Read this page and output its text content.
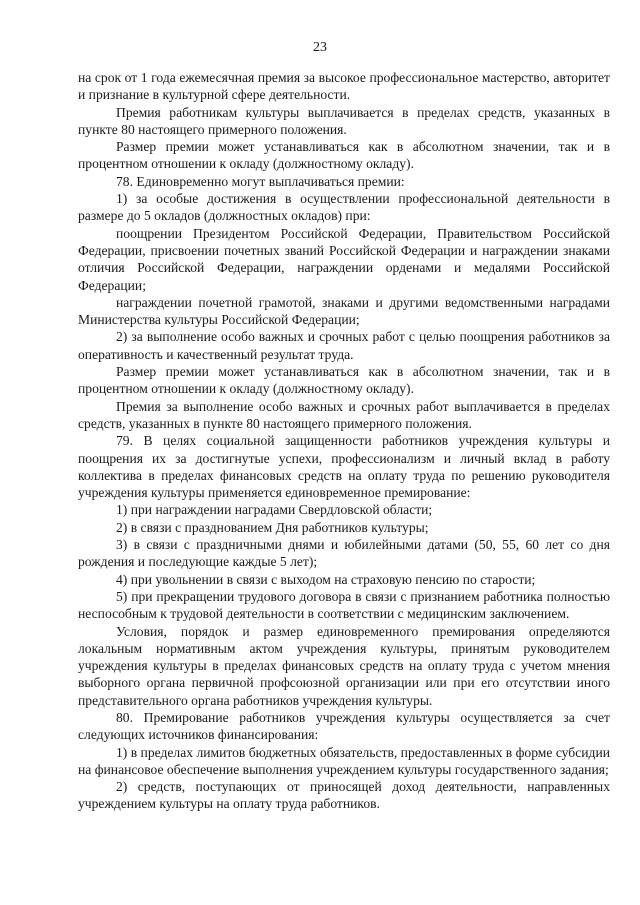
23

на срок от 1 года ежемесячная премия за высокое профессиональное мастерство, авторитет и признание в культурной сфере деятельности.

Премия работникам культуры выплачивается в пределах средств, указанных в пункте 80 настоящего примерного положения.

Размер премии может устанавливаться как в абсолютном значении, так и в процентном отношении к окладу (должностному окладу).

78. Единовременно могут выплачиваться премии:

1) за особые достижения в осуществлении профессиональной деятельности в размере до 5 окладов (должностных окладов) при:

поощрении Президентом Российской Федерации, Правительством Российской Федерации, присвоении почетных званий Российской Федерации и награждении знаками отличия Российской Федерации, награждении орденами и медалями Российской Федерации;

награждении почетной грамотой, знаками и другими ведомственными наградами Министерства культуры Российской Федерации;

2) за выполнение особо важных и срочных работ с целью поощрения работников за оперативность и качественный результат труда.

Размер премии может устанавливаться как в абсолютном значении, так и в процентном отношении к окладу (должностному окладу).

Премия за выполнение особо важных и срочных работ выплачивается в пределах средств, указанных в пункте 80 настоящего примерного положения.

79. В целях социальной защищенности работников учреждения культуры и поощрения их за достигнутые успехи, профессионализм и личный вклад в работу коллектива в пределах финансовых средств на оплату труда по решению руководителя учреждения культуры применяется единовременное премирование:

1) при награждении наградами Свердловской области;

2) в связи с празднованием Дня работников культуры;

3) в связи с праздничными днями и юбилейными датами (50, 55, 60 лет со дня рождения и последующие каждые 5 лет);

4) при увольнении в связи с выходом на страховую пенсию по старости;

5) при прекращении трудового договора в связи с признанием работника полностью неспособным к трудовой деятельности в соответствии с медицинским заключением.

Условия, порядок и размер единовременного премирования определяются локальным нормативным актом учреждения культуры, принятым руководителем учреждения культуры в пределах финансовых средств на оплату труда с учетом мнения выборного органа первичной профсоюзной организации или при его отсутствии иного представительного органа работников учреждения культуры.

80. Премирование работников учреждения культуры осуществляется за счет следующих источников финансирования:

1) в пределах лимитов бюджетных обязательств, предоставленных в форме субсидии на финансовое обеспечение выполнения учреждением культуры государственного задания;

2) средств, поступающих от приносящей доход деятельности, направленных учреждением культуры на оплату труда работников.
